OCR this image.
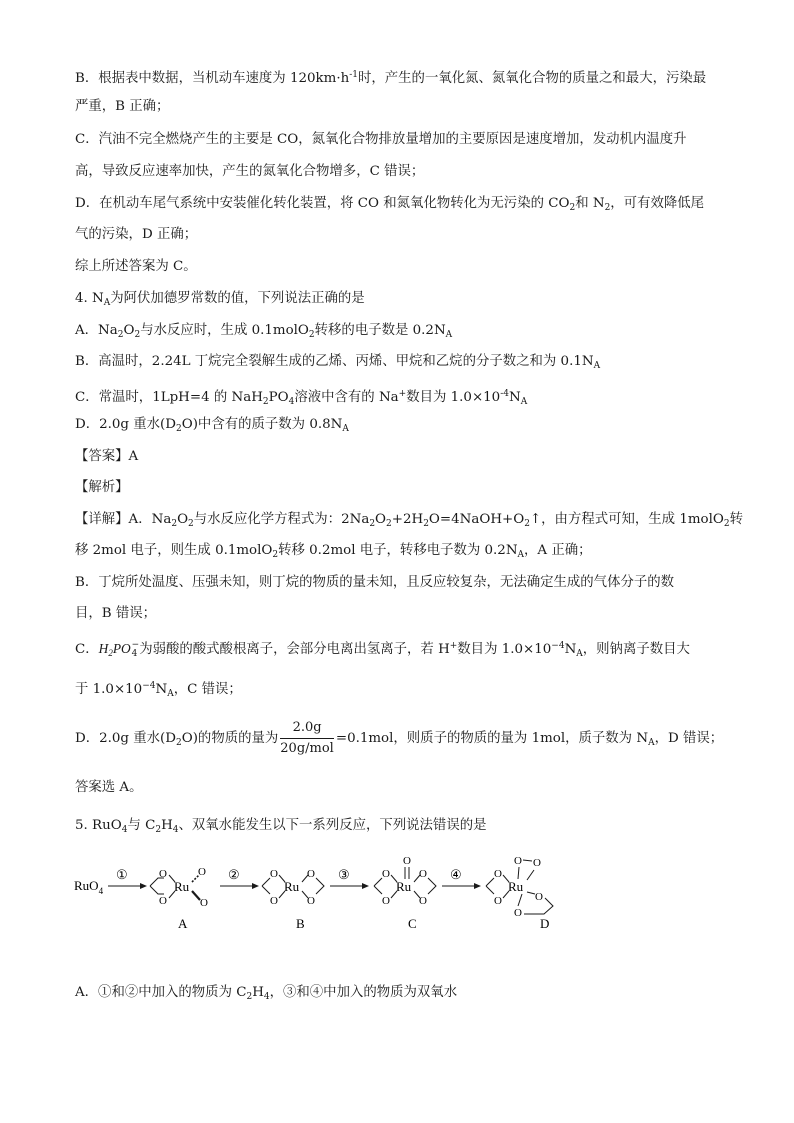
B．根据表中数据，当机动车速度为 $120km\cdot h^{-1}$时，产生的一氧化氮、氮氧化合物的质量之和最大，污染最
严重，B 正确；
C．汽油不完全燃烧产生的主要是 CO，氮氧化合物排放量增加的主要原因是速度增加，发动机内温度升
高，导致反应速率加快，产生的氮氧化合物增多，C 错误；
D．在机动车尾气系统中安装催化转化装置，将 CO 和氮氧化物转化为无污染的 $CO_2$和 $N_2$，可有效降低尾
气的污染，D 正确；
综上所述答案为 C。
4. $N_A$为阿伏加德罗常数的值，下列说法正确的是
A．$Na_2O_2$与水反应时，生成 0.1molO$_2$转移的电子数是 $0.2N_A$
B．高温时，2.24L 丁烷完全裂解生成的乙烯、丙烯、甲烷和乙烷的分子数之和为 $0.1N_A$
C．常温时，1LpH=4 的 $NaH_2PO_4$溶液中含有的 Na+数目为 $1.0\times 10^{-4}N_A$
D．2.0g 重水$(D_2O)$中含有的质子数为 $0.8N_A$
【答案】A
【解析】
【详解】A．$Na_2O_2$与水反应化学方程式为：$2Na_2O_2+2H_2O=4NaOH+O_2↑$，由方程式可知，生成 1molO$_2$转
移 2mol 电子，则生成 0.1molO$_2$转移 0.2mol 电子，转移电子数为 $0.2N_A$，A 正确；
B．丁烷所处温度、压强未知，则丁烷的物质的量未知，且反应较复杂，无法确定生成的气体分子的数
目，B 错误；
C．$H_2PO$ −
4 为弱酸的酸式酸根离子，会部分电离出氢离子，若 H+数目为 $1.0\times 10^{-4}N_A$，则钠离子数目大
于 $1.0\times 10^{-4}N_A$，C 错误；
D．2.0g 重水$(D_2O)$的物质的量为 $\frac{2.0g}{\text{20g/mol}} =0.1mol$，则质子的物质的量为 1mol，质子数为 $N_A$，D 错误；
答案选 A。
5. RuO$_4$与 $C_2H_4$、双氧水能发生以下一系列反应，下列说法错误的是
RuO$_4$
①	O
O
Ru
O
O
A
②	O
O
Ru
O
O
B
③	O
O
Ru
O
O
O
C
④	O
O
Ru
O O
O
O
D
A．①和②中加入的物质为 $C_2H_4$，③和④中加入的物质为双氧水
